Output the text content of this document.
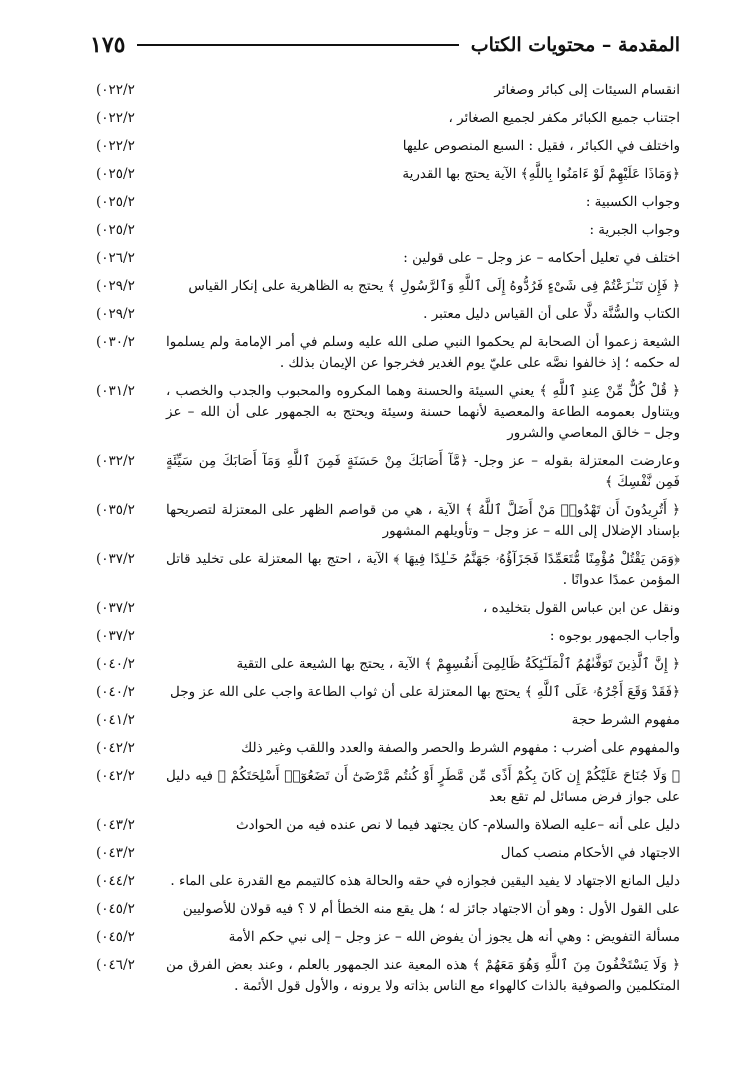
المقدمة – محتويات الكتاب
١٧٥
انقسام السيئات إلى كبائر وصغائر
(٠٢٢/٢
اجتناب جميع الكبائر مكفر لجميع الصغائر ،
(٠٢٢/٢
واختلف في الكبائر ، فقيل : السبع المنصوص عليها
(٠٢٢/٢
﴿وَمَاذَا عَلَيْهِمْ لَوْ ءَامَنُوا بِاللَّهِ﴾ الآية يحتج بها القدرية
(٠٢٥/٢
وجواب الكسبية :
(٠٢٥/٢
وجواب الجبرية :
(٠٢٥/٢
اختلف في تعليل أحكامه – عز وجل – على قولين :
(٠٢٦/٢
﴿ فَإِن تَنَـٰزَعْتُمْ فِى شَىْءٍ فَرُدُّوهُ إِلَى ٱللَّهِ وَٱلرَّسُولِ ﴾ يحتج به الظاهرية على إنكار القياس
(٠٢٩/٢
الكتاب والسُّنَّة دلَّا على أن القياس دليل معتبر .
(٠٢٩/٢
الشيعة زعموا أن الصحابة لم يحكموا النبي صلى الله عليه وسلم في أمر الإمامة ولم يسلموا له حكمه ؛ إذ خالفوا نصَّه على عليّ يوم الغدير فخرجوا عن الإيمان بذلك .
(٠٣٠/٢
﴿ قُلْ كُلٌّ مِّنْ عِندِ ٱللَّهِ ﴾ يعني السيئة والحسنة وهما المكروه والمحبوب والجدب والخصب ، ويتناول بعمومه الطاعة والمعصية لأنهما حسنة وسيئة ويحتج به الجمهور على أن الله – عز وجل – خالق المعاصي والشرور
(٠٣١/٢
وعارضت المعتزلة بقوله – عز وجل- ﴿مَّآ أَصَابَكَ مِنْ حَسَنَةٍ فَمِنَ ٱللَّهِ وَمَآ أَصَابَكَ مِن سَيِّئَةٍ فَمِن نَّفْسِكَ ﴾
(٠٣٢/٢
﴿ أَتُرِيدُونَ أَن تَهْدُوا۟ مَنْ أَضَلَّ ٱللَّهُ ﴾ الآية ، هي من قواصم الظهر على المعتزلة لتصريحها بإسناد الإضلال إلى الله – عز وجل – وتأويلهم المشهور
(٠٣٥/٢
﴿وَمَن يَقْتُلْ مُؤْمِنًا مُّتَعَمِّدًا فَجَزَآؤُهُۥ جَهَنَّمُ خَـٰلِدًا فِيهَا ﴾ الآية ، احتج بها المعتزلة على تخليد قاتل المؤمن عمدًا عدوانًا .
(٠٣٧/٢
ونقل عن ابن عباس القول بتخليده ،
(٠٣٧/٢
وأجاب الجمهور بوجوه :
(٠٣٧/٢
﴿ إِنَّ ٱلَّذِينَ تَوَفَّىٰهُمُ ٱلْمَلَـٰٓئِكَةُ ظَالِمِىٓ أَنفُسِهِمْ ﴾ الآية ، يحتج بها الشيعة على التقية
(٠٤٠/٢
﴿فَقَدْ وَقَعَ أَجْرُهُۥ عَلَى ٱللَّهِ ﴾ يحتج بها المعتزلة على أن ثواب الطاعة واجب على الله عز وجل
(٠٤٠/٢
مفهوم الشرط حجة
(٠٤١/٢
والمفهوم على أضرب : مفهوم الشرط والحصر والصفة والعدد واللقب وغير ذلك
(٠٤٢/٢
﴿ وَلَا جُنَاحَ عَلَيْكُمْ إِن كَانَ بِكُمْ أَذًى مِّن مَّطَرٍ أَوْ كُنتُم مَّرْضَىٰٓ أَن تَضَعُوٓا۟ أَسْلِحَتَكُمْ ﴾ فيه دليل على جواز فرض مسائل لم تقع بعد
(٠٤٢/٢
دليل على أنه –عليه الصلاة والسلام- كان يجتهد فيما لا نص عنده فيه من الحوادث
(٠٤٣/٢
الاجتهاد في الأحكام منصب كمال
(٠٤٣/٢
دليل المانع الاجتهاد لا يفيد اليقين فجوازه في حقه والحالة هذه كالتيمم مع القدرة على الماء .
(٠٤٤/٢
على القول الأول : وهو أن الاجتهاد جائز له ؛ هل يقع منه الخطأ أم لا ؟ فيه قولان للأصوليين
(٠٤٥/٢
مسألة التفويض : وهي أنه هل يجوز أن يفوض الله – عز وجل – إلى نبي حكم الأمة
(٠٤٥/٢
﴿ وَلَا يَسْتَخْفُونَ مِنَ ٱللَّهِ وَهُوَ مَعَهُمْ ﴾ هذه المعية عند الجمهور بالعلم ، وعند بعض الفرق من المتكلمين والصوفية بالذات كالهواء مع الناس بذاته ولا يرونه ، والأول قول الأئمة .
(٠٤٦/٢
